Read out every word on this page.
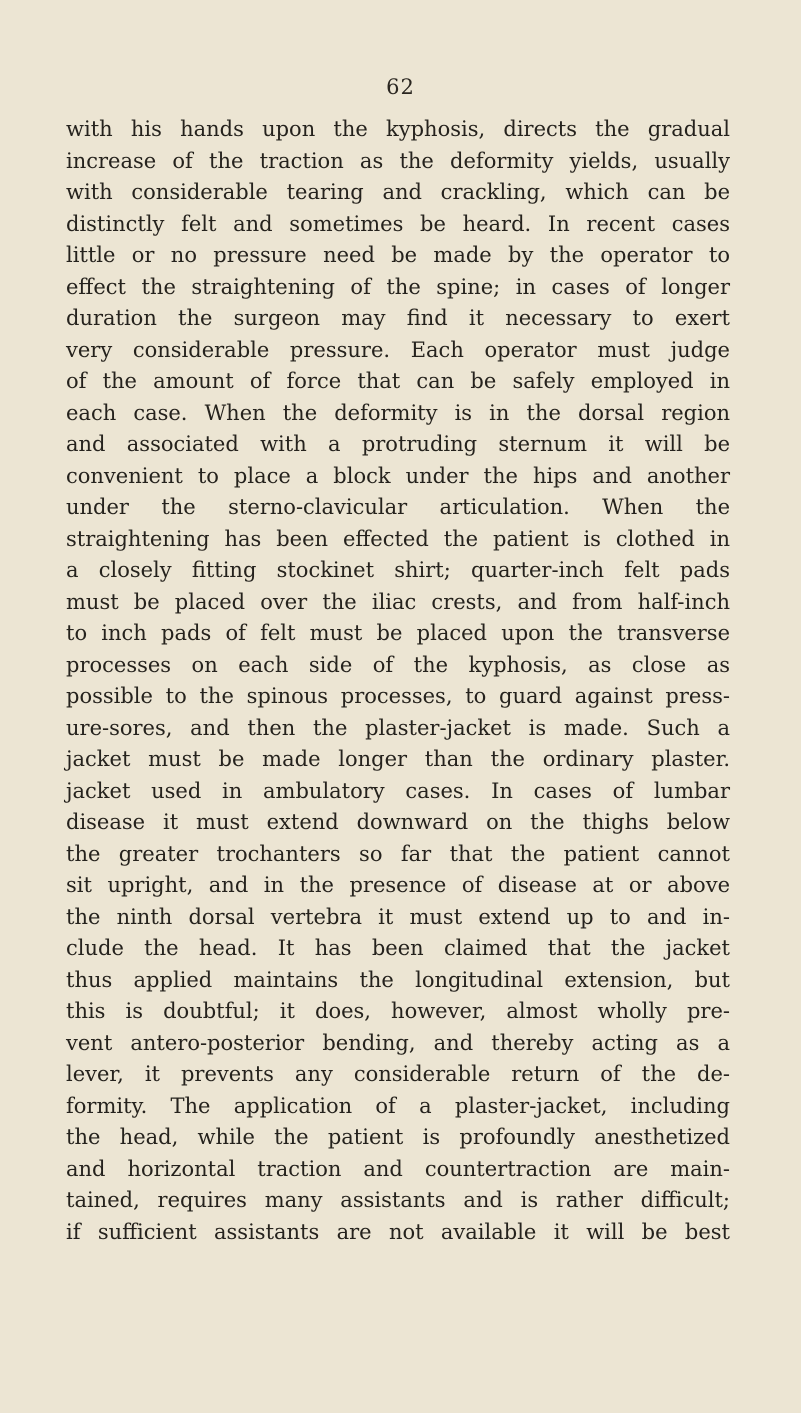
62
with his hands upon the kyphosis, directs the gradual
increase of the traction as the deformity yields, usually
with considerable tearing and crackling, which can be
distinctly felt and sometimes be heard. In recent cases
little or no pressure need be made by the operator to
effect the straightening of the spine; in cases of longer
duration the surgeon may find it necessary to exert
very considerable pressure. Each operator must judge
of the amount of force that can be safely employed in
each case. When the deformity is in the dorsal region
and associated with a protruding sternum it will be
convenient to place a block under the hips and another
under the sterno-clavicular articulation. When the
straightening has been effected the patient is clothed in
a closely fitting stockinet shirt; quarter-inch felt pads
must be placed over the iliac crests, and from half-inch
to inch pads of felt must be placed upon the transverse
processes on each side of the kyphosis, as close as
possible to the spinous processes, to guard against press-
ure-sores, and then the plaster-jacket is made. Such a
jacket must be made longer than the ordinary plaster.
jacket used in ambulatory cases. In cases of lumbar
disease it must extend downward on the thighs below
the greater trochanters so far that the patient cannot
sit upright, and in the presence of disease at or above
the ninth dorsal vertebra it must extend up to and in-
clude the head. It has been claimed that the jacket
thus applied maintains the longitudinal extension, but
this is doubtful; it does, however, almost wholly pre-
vent antero-posterior bending, and thereby acting as a
lever, it prevents any considerable return of the de-
formity. The application of a plaster-jacket, including
the head, while the patient is profoundly anesthetized
and horizontal traction and countertraction are main-
tained, requires many assistants and is rather difficult;
if sufficient assistants are not available it will be best
